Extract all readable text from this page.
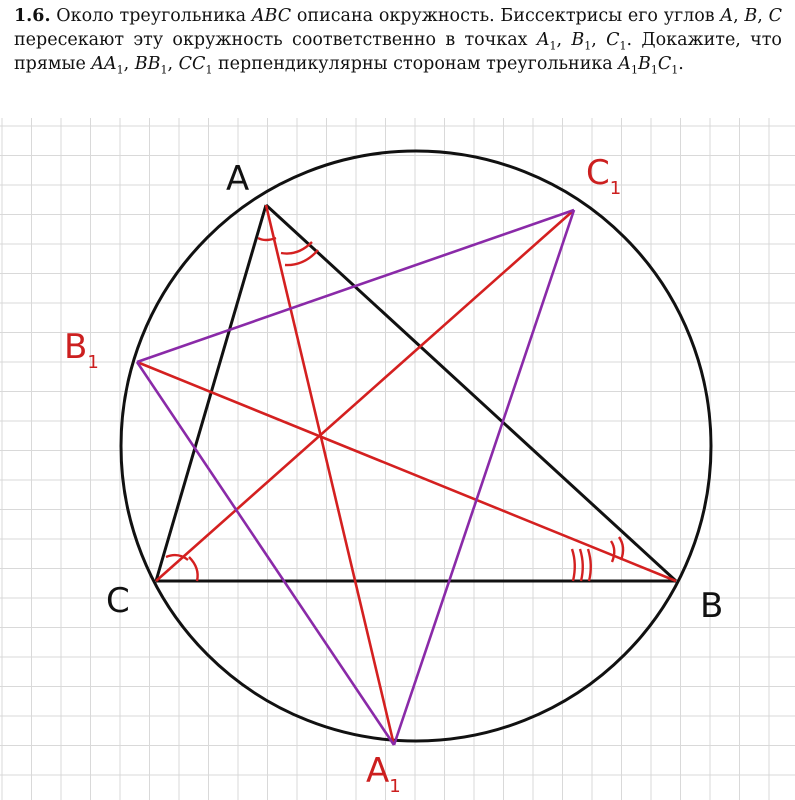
1.6. Около треугольника ABC описана окружность. Биссектрисы его углов A, B, C пересекают эту окружность соответственно в точках $A_1$, $B_1$, $C_1$. Докажите, что прямые $AA_1$, $BB_1$, $CC_1$ перпендикулярны сторонам треугольника $A_1B_1C_1$.
A
B
C
$A_1$
$B_1$
$C_1$
